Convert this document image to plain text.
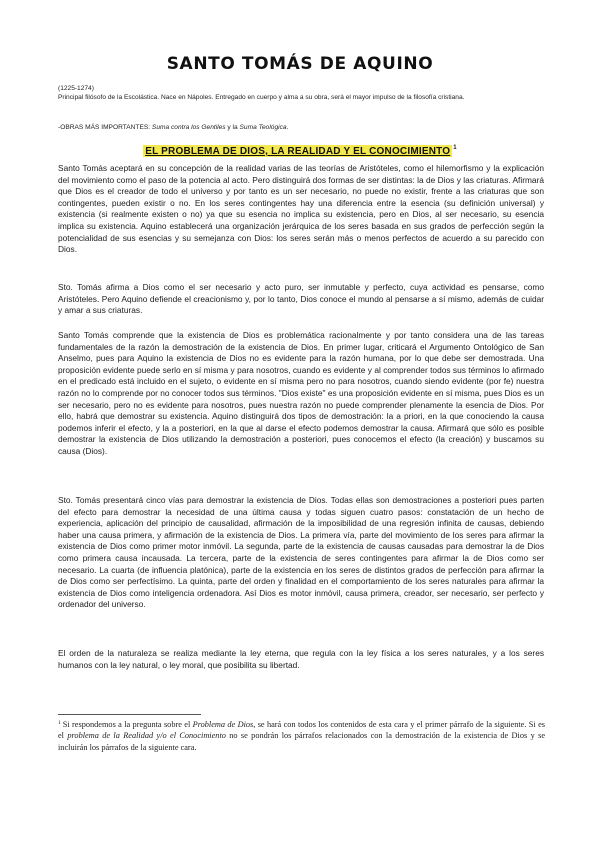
SANTO TOMÁS DE AQUINO
(1225-1274)
Principal filósofo de la Escolástica. Nace en Nápoles. Entregado en cuerpo y alma a su obra, será el mayor impulso de la filosofía cristiana.
-OBRAS MÁS IMPORTANTES: Suma contra los Gentiles y la Suma Teológica.
EL PROBLEMA DE DIOS, LA REALIDAD Y EL CONOCIMIENTO $^1$
Santo Tomás aceptará en su concepción de la realidad varias de las teorías de Aristóteles, como el hilemorfismo y la explicación del movimiento como el paso de la potencia al acto. Pero distinguirá dos formas de ser distintas: la de Dios y las criaturas. Afirmará que Dios es el creador de todo el universo y por tanto es un ser necesario, no puede no existir, frente a las criaturas que son contingentes, pueden existir o no. En los seres contingentes hay una diferencia entre la esencia (su definición universal) y existencia (si realmente existen o no) ya que su esencia no implica su existencia, pero en Dios, al ser necesario, su esencia implica su existencia. Aquino establecerá una organización jerárquica de los seres basada en sus grados de perfección según la potencialidad de sus esencias y su semejanza con Dios: los seres serán más o menos perfectos de acuerdo a su parecido con Dios.
Sto. Tomás afirma a Dios como el ser necesario y acto puro, ser inmutable y perfecto, cuya actividad es pensarse, como Aristóteles. Pero Aquino defiende el creacionismo y, por lo tanto, Dios conoce el mundo al pensarse a sí mismo, además de cuidar y amar a sus criaturas.
Santo Tomás comprende que la existencia de Dios es problemática racionalmente y por tanto considera una de las tareas fundamentales de la razón la demostración de la existencia de Dios. En primer lugar, criticará el Argumento Ontológico de San Anselmo, pues para Aquino la existencia de Dios no es evidente para la razón humana, por lo que debe ser demostrada. Una proposición evidente puede serlo en sí misma y para nosotros, cuando es evidente y al comprender todos sus términos lo afirmado en el predicado está incluido en el sujeto, o evidente en sí misma pero no para nosotros, cuando siendo evidente (por fe) nuestra razón no lo comprende por no conocer todos sus términos. "Dios existe" es una proposición evidente en sí misma, pues Dios es un ser necesario, pero no es evidente para nosotros, pues nuestra razón no puede comprender plenamente la esencia de Dios. Por ello, habrá que demostrar su existencia. Aquino distinguirá dos tipos de demostración: la a priori, en la que conociendo la causa podemos inferir el efecto, y la a posteriori, en la que al darse el efecto podemos demostrar la causa. Afirmará que sólo es posible demostrar la existencia de Dios utilizando la demostración a posteriori, pues conocemos el efecto (la creación) y buscamos su causa (Dios).
Sto. Tomás presentará cinco vías para demostrar la existencia de Dios. Todas ellas son demostraciones a posteriori pues parten del efecto para demostrar la necesidad de una última causa y todas siguen cuatro pasos: constatación de un hecho de experiencia, aplicación del principio de causalidad, afirmación de la imposibilidad de una regresión infinita de causas, debiendo haber una causa primera, y afirmación de la existencia de Dios. La primera vía, parte del movimiento de los seres para afirmar la existencia de Dios como primer motor inmóvil. La segunda, parte de la existencia de causas causadas para demostrar la de Dios como primera causa incausada. La tercera, parte de la existencia de seres contingentes para afirmar la de Dios como ser necesario. La cuarta (de influencia platónica), parte de la existencia en los seres de distintos grados de perfección para afirmar la de Dios como ser perfectísimo. La quinta, parte del orden y finalidad en el comportamiento de los seres naturales para afirmar la existencia de Dios como inteligencia ordenadora. Así Dios es motor inmóvil, causa primera, creador, ser necesario, ser perfecto y ordenador del universo.
El orden de la naturaleza se realiza mediante la ley eterna, que regula con la ley física a los seres naturales, y a los seres humanos con la ley natural, o ley moral, que posibilita su libertad.
$^1$ Si respondemos a la pregunta sobre el Problema de Dios, se hará con todos los contenidos de esta cara y el primer párrafo de la siguiente. Si es el problema de la Realidad y/o el Conocimiento no se pondrán los párrafos relacionados con la demostración de la existencia de Dios y se incluirán los párrafos de la siguiente cara.
